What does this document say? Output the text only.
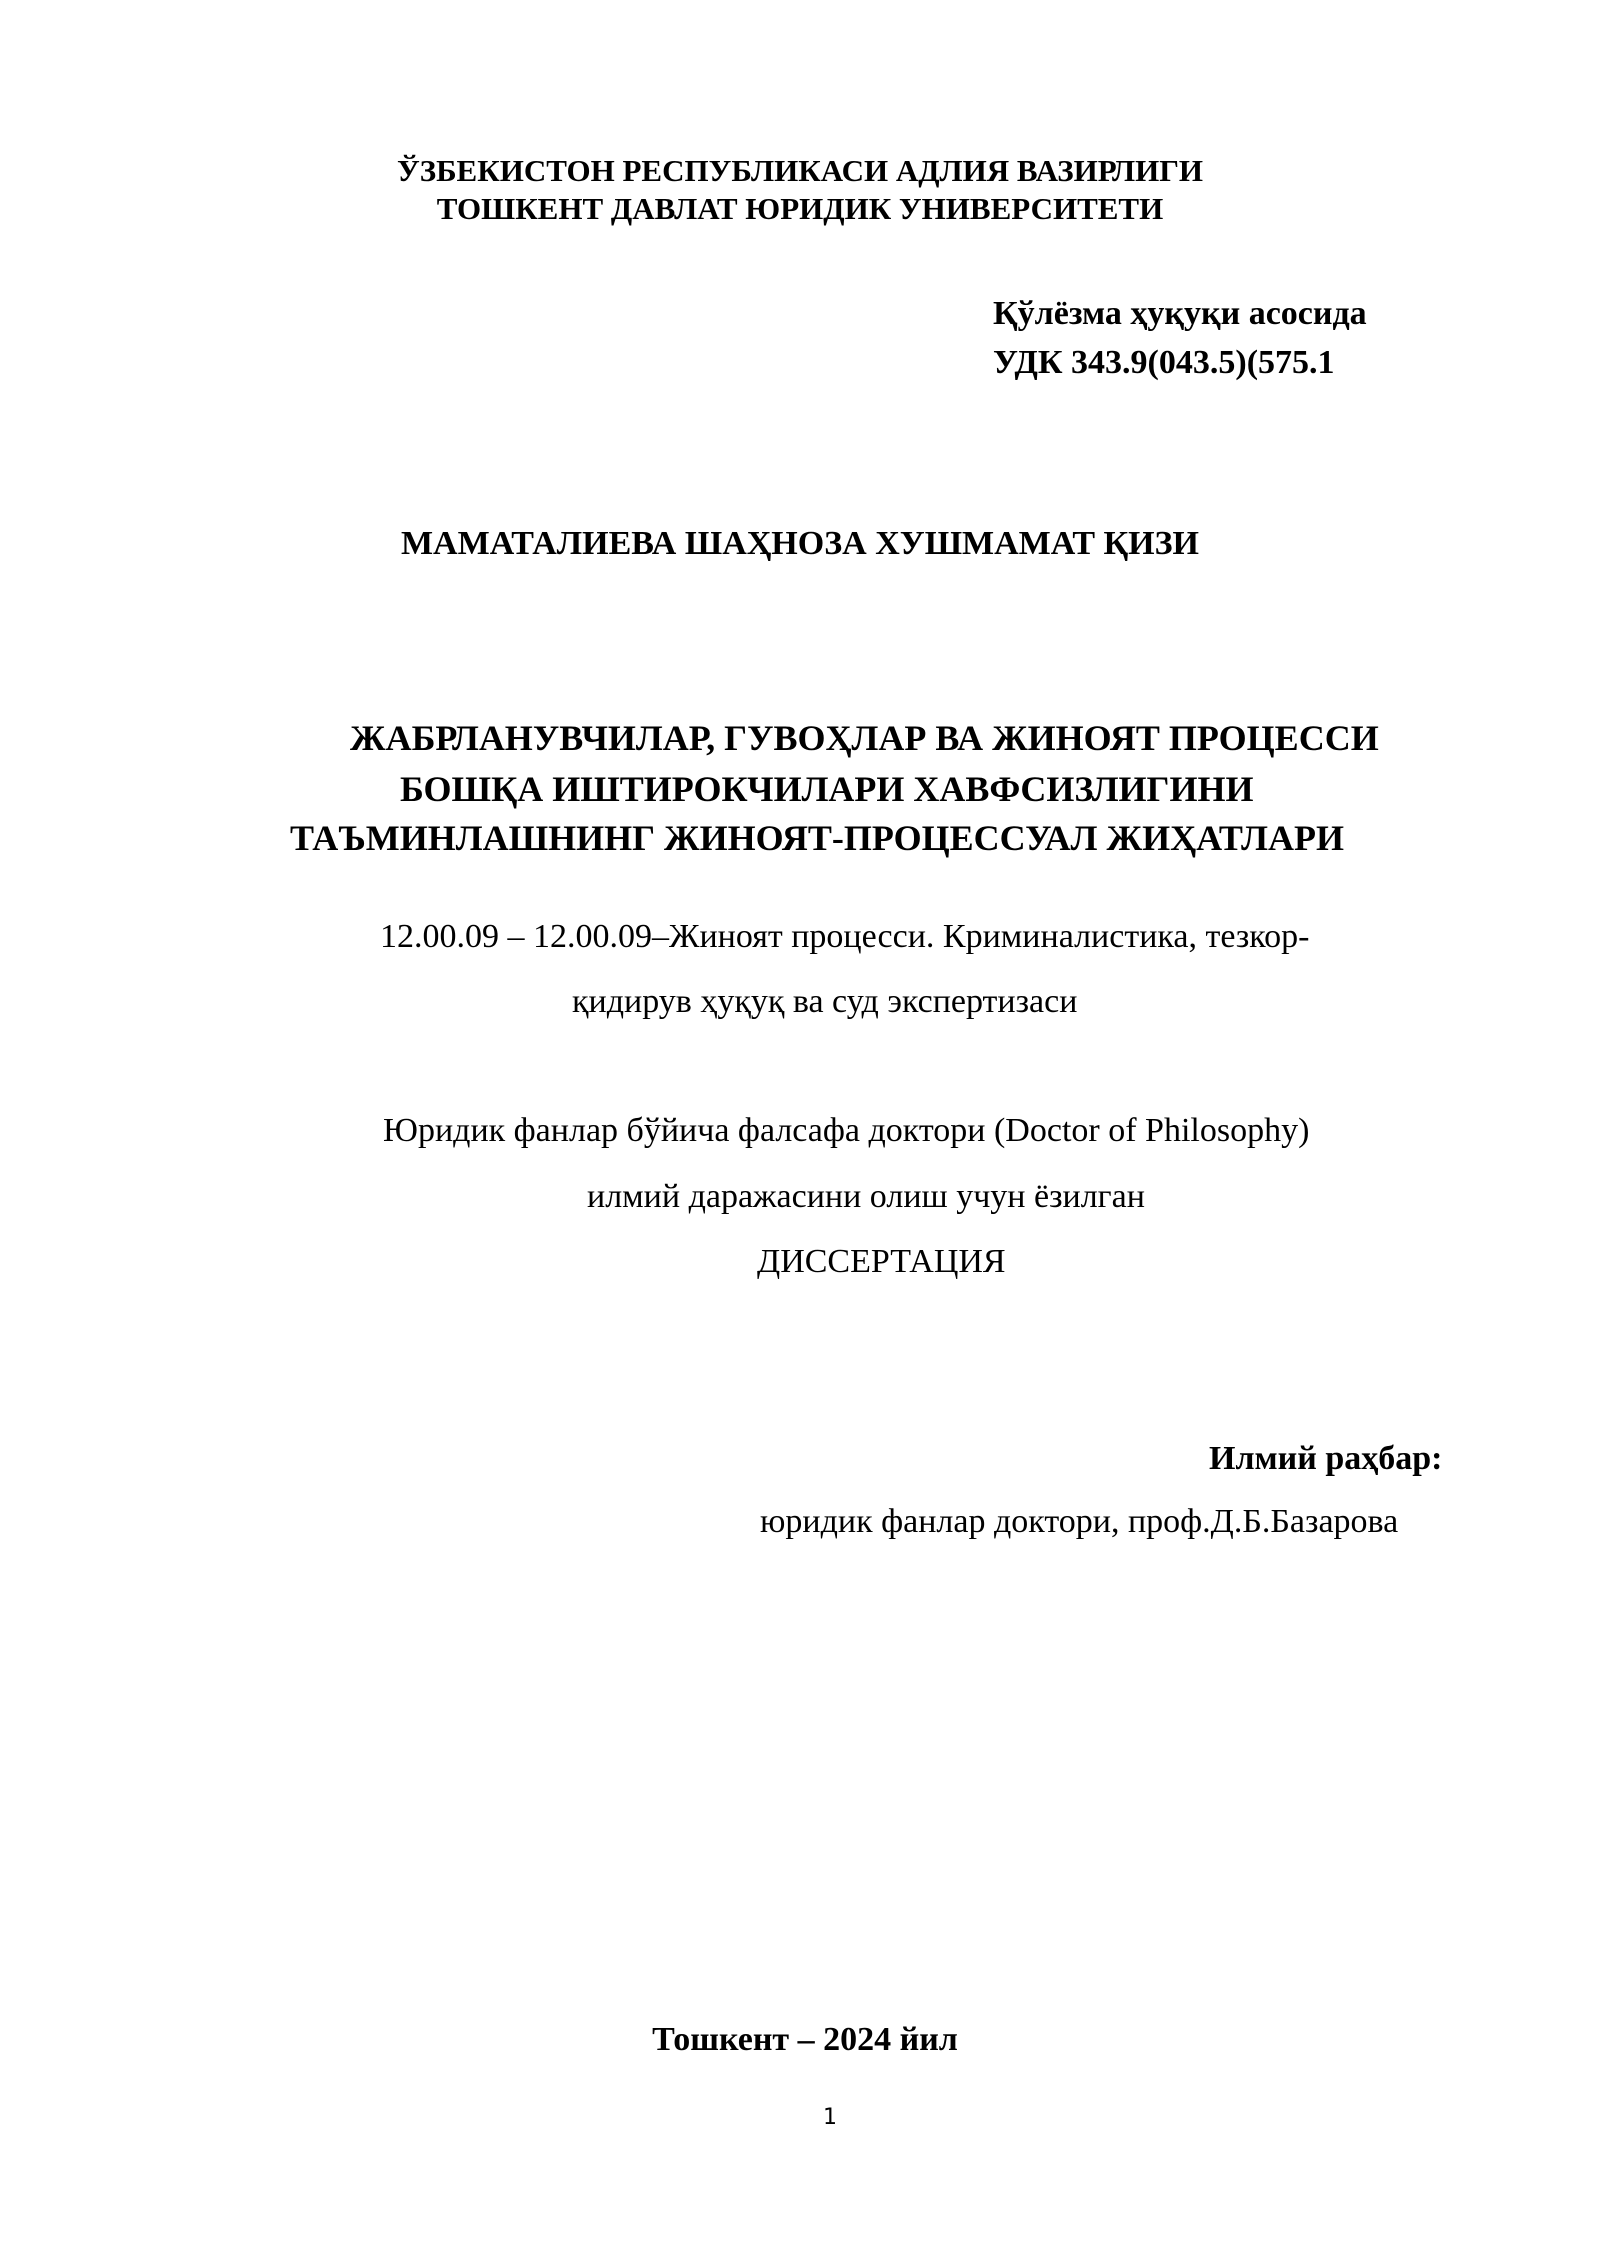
ЎЗБЕКИСТОН РЕСПУБЛИКАСИ АДЛИЯ ВАЗИРЛИГИ
ТОШКЕНТ ДАВЛАТ ЮРИДИК УНИВЕРСИТЕТИ
Қўлёзма ҳуқуқи асосида
УДК 343.9(043.5)(575.1
МАМАТАЛИЕВА ШАҲНОЗА ХУШМАМАТ ҚИЗИ
ЖАБРЛАНУВЧИЛАР, ГУВОҲЛАР ВА ЖИНОЯТ ПРОЦЕССИ
БОШҚА ИШТИРОКЧИЛАРИ ХАВФСИЗЛИГИНИ
ТАЪМИНЛАШНИНГ ЖИНОЯТ-ПРОЦЕССУАЛ ЖИҲАТЛАРИ
12.00.09 – 12.00.09–Жиноят процесси. Криминалистика, тезкор-
қидирув ҳуқуқ ва суд экспертизаси
Юридик фанлар бўйича фалсафа доктори (Doctor of Philosophy)
илмий даражасини олиш учун ёзилган
ДИССЕРТАЦИЯ
Илмий раҳбар:
юридик фанлар доктори, проф.Д.Б.Базарова
Тошкент – 2024 йил
1
